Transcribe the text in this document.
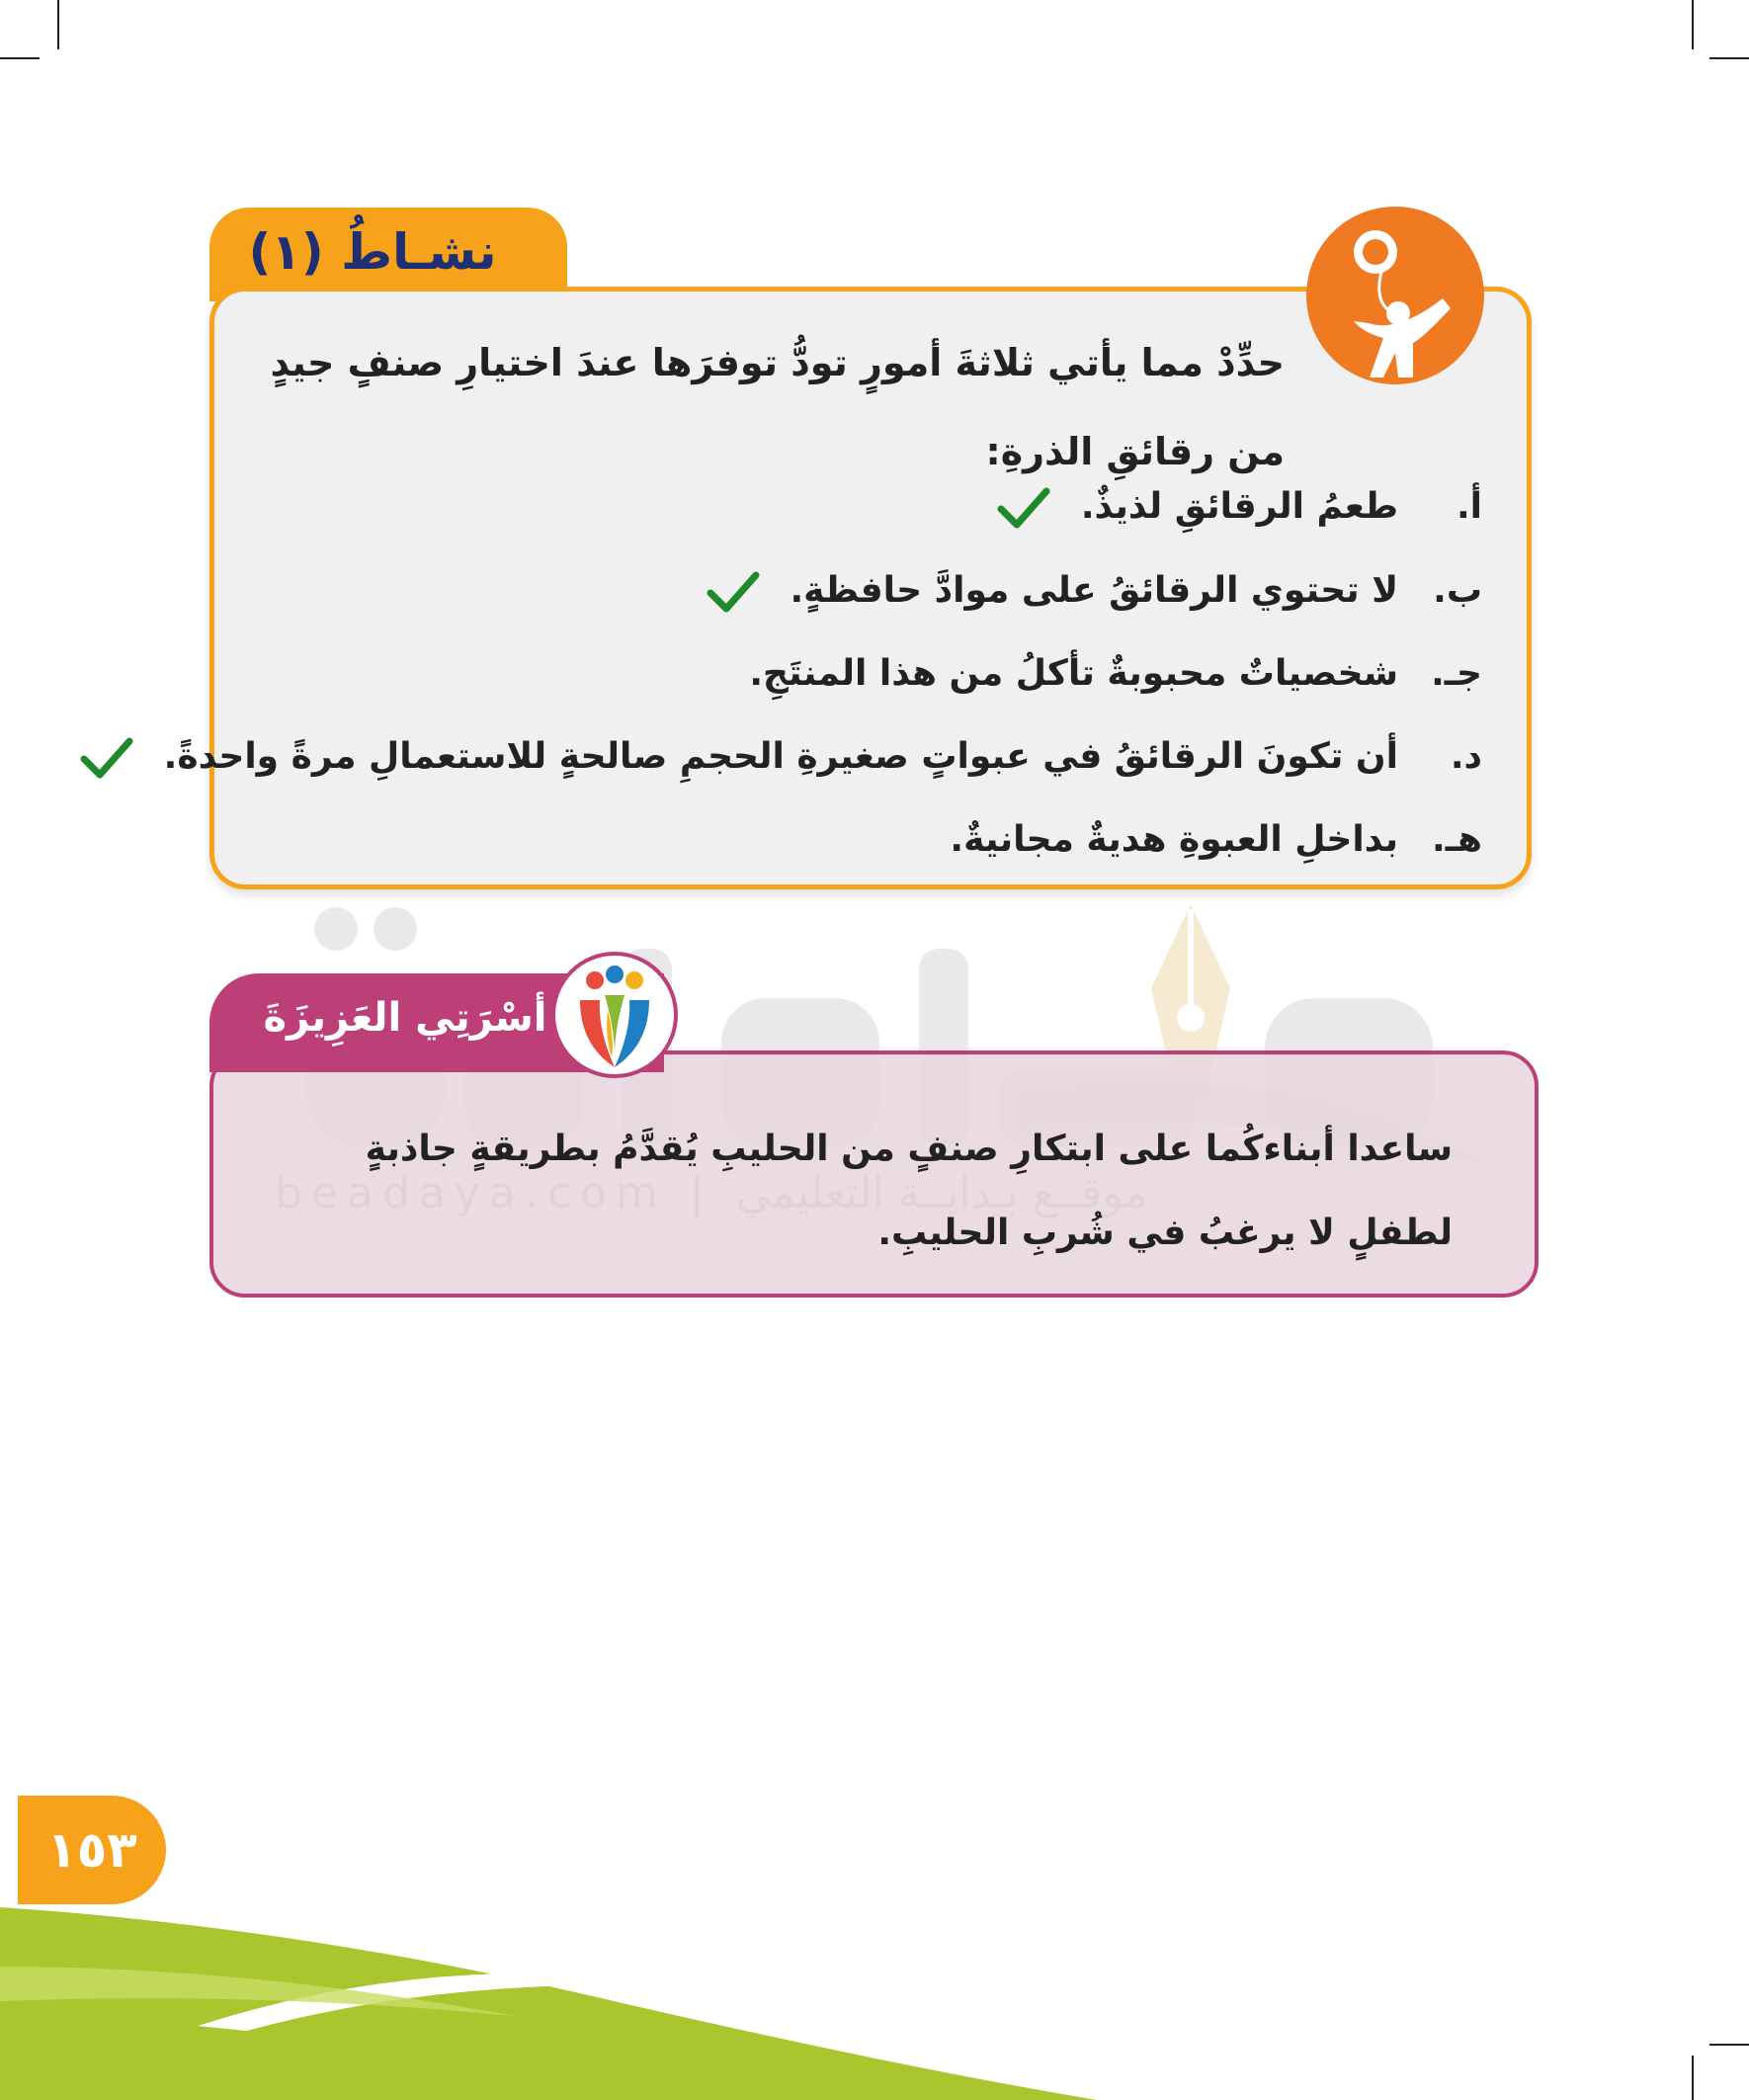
نشـاطُ (١)
حدِّدْ مما يأتي ثلاثةَ أمورٍ تودُّ توفرَها عندَ اختيارِ صنفٍ جيدٍ من رقائقِ الذرةِ:
أ.
طعمُ الرقائقِ لذيذٌ.
ب.
لا تحتوي الرقائقُ على موادَّ حافظةٍ.
جـ.
شخصياتٌ محبوبةٌ تأكلُ من هذا المنتَجِ.
د.
أن تكونَ الرقائقُ في عبواتٍ صغيرةِ الحجمِ صالحةٍ للاستعمالِ مرةً واحدةً.
هـ.
بداخلِ العبوةِ هديةٌ مجانيةٌ.
أسْرَتِي العَزِيزَةَ
ساعدا أبناءكُما على ابتكارِ صنفٍ من الحليبِ يُقدَّمُ بطريقةٍ جاذبةٍ لطفلٍ لا يرغبُ في شُربِ الحليبِ.
١٥٣
